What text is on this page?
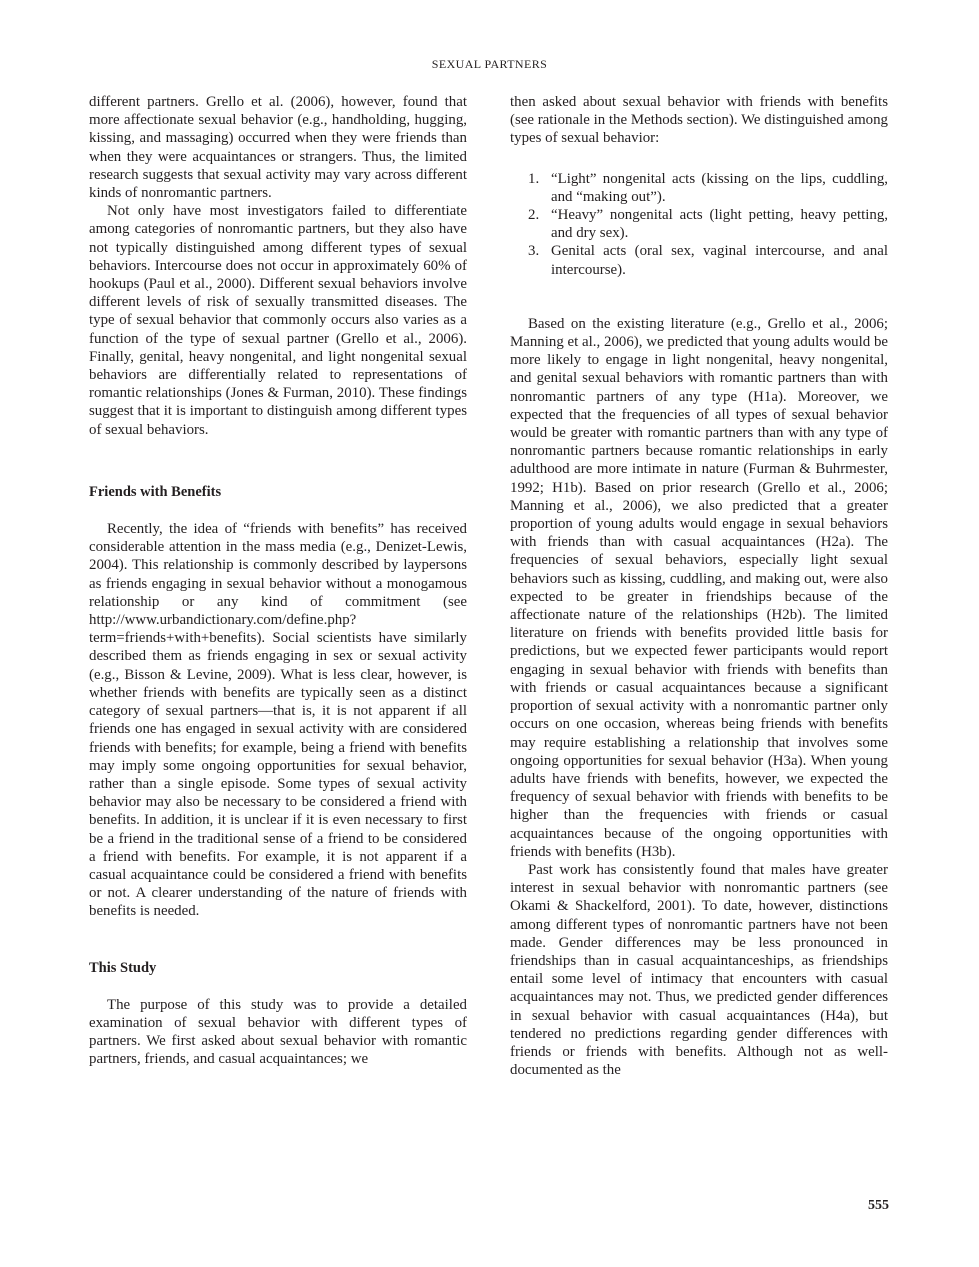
SEXUAL PARTNERS

different partners. Grello et al. (2006), however, found that more affectionate sexual behavior (e.g., handholding, hugging, kissing, and massaging) occurred when they were friends than when they were acquaintances or strangers. Thus, the limited research suggests that sexual activity may vary across different kinds of nonromantic partners.

Not only have most investigators failed to differentiate among categories of nonromantic partners, but they also have not typically distinguished among different types of sexual behaviors. Intercourse does not occur in approximately 60% of hookups (Paul et al., 2000). Different sexual behaviors involve different levels of risk of sexually transmitted diseases. The type of sexual behavior that commonly occurs also varies as a function of the type of sexual partner (Grello et al., 2006). Finally, genital, heavy nongenital, and light nongenital sexual behaviors are differentially related to representations of romantic relationships (Jones & Furman, 2010). These findings suggest that it is important to distinguish among different types of sexual behaviors.

Friends with Benefits

Recently, the idea of “friends with benefits” has received considerable attention in the mass media (e.g., Denizet-Lewis, 2004). This relationship is commonly described by laypersons as friends engaging in sexual behavior without a monogamous relationship or any kind of commitment (see http://www.urbandictionary.com/define.php?term=friends+with+benefits). Social scientists have similarly described them as friends engaging in sex or sexual activity (e.g., Bisson & Levine, 2009). What is less clear, however, is whether friends with benefits are typically seen as a distinct category of sexual partners—that is, it is not apparent if all friends one has engaged in sexual activity with are considered friends with benefits; for example, being a friend with benefits may imply some ongoing opportunities for sexual behavior, rather than a single episode. Some types of sexual activity behavior may also be necessary to be considered a friend with benefits. In addition, it is unclear if it is even necessary to first be a friend in the traditional sense of a friend to be considered a friend with benefits. For example, it is not apparent if a casual acquaintance could be considered a friend with benefits or not. A clearer understanding of the nature of friends with benefits is needed.

This Study

The purpose of this study was to provide a detailed examination of sexual behavior with different types of partners. We first asked about sexual behavior with romantic partners, friends, and casual acquaintances; we

then asked about sexual behavior with friends with benefits (see rationale in the Methods section). We distinguished among types of sexual behavior:

1. “Light” nongenital acts (kissing on the lips, cuddling, and “making out”).
2. “Heavy” nongenital acts (light petting, heavy petting, and dry sex).
3. Genital acts (oral sex, vaginal intercourse, and anal intercourse).

Based on the existing literature (e.g., Grello et al., 2006; Manning et al., 2006), we predicted that young adults would be more likely to engage in light nongenital, heavy nongenital, and genital sexual behaviors with romantic partners than with nonromantic partners of any type (H1a). Moreover, we expected that the frequencies of all types of sexual behavior would be greater with romantic partners than with any type of nonromantic partners because romantic relationships in early adulthood are more intimate in nature (Furman & Buhrmester, 1992; H1b). Based on prior research (Grello et al., 2006; Manning et al., 2006), we also predicted that a greater proportion of young adults would engage in sexual behaviors with friends than with casual acquaintances (H2a). The frequencies of sexual behaviors, especially light sexual behaviors such as kissing, cuddling, and making out, were also expected to be greater in friendships because of the affectionate nature of the relationships (H2b). The limited literature on friends with benefits provided little basis for predictions, but we expected fewer participants would report engaging in sexual behavior with friends with benefits than with friends or casual acquaintances because a significant proportion of sexual activity with a nonromantic partner only occurs on one occasion, whereas being friends with benefits may require establishing a relationship that involves some ongoing opportunities for sexual behavior (H3a). When young adults have friends with benefits, however, we expected the frequency of sexual behavior with friends with benefits to be higher than the frequencies with friends or casual acquaintances because of the ongoing opportunities with friends with benefits (H3b).

Past work has consistently found that males have greater interest in sexual behavior with nonromantic partners (see Okami & Shackelford, 2001). To date, however, distinctions among different types of nonromantic partners have not been made. Gender differences may be less pronounced in friendships than in casual acquaintanceships, as friendships entail some level of intimacy that encounters with casual acquaintances may not. Thus, we predicted gender differences in sexual behavior with casual acquaintances (H4a), but tendered no predictions regarding gender differences with friends or friends with benefits. Although not as well-documented as the

555
